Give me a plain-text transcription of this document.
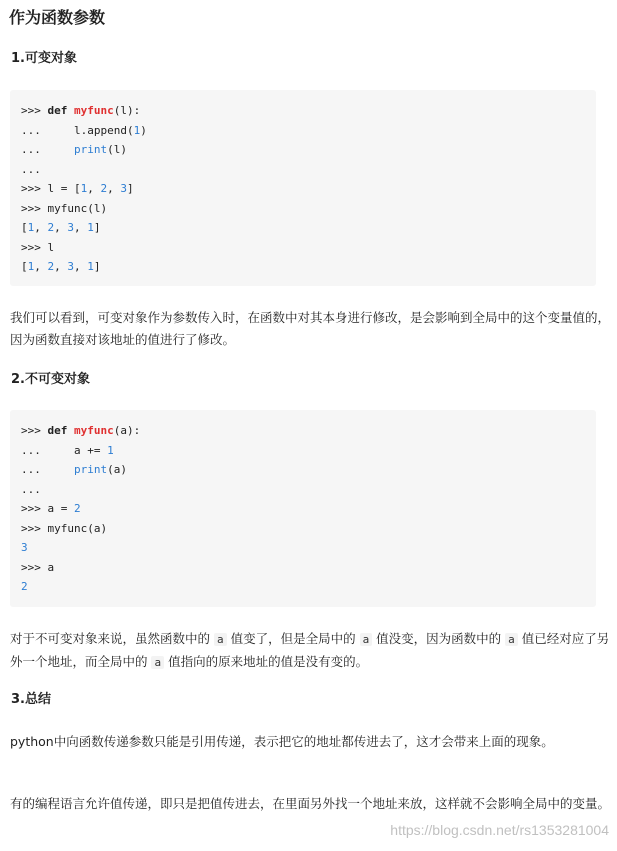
作为函数参数
1.可变对象
>>> def myfunc(l):
...     l.append(1)
...     print(l)
...
>>> l = [1, 2, 3]
>>> myfunc(l)
[1, 2, 3, 1]
>>> l
[1, 2, 3, 1]

我们可以看到，可变对象作为参数传入时，在函数中对其本身进行修改，是会影响到全局中的这个变量值的，因为函数直接对该地址的值进行了修改。

2.不可变对象
>>> def myfunc(a):
...     a += 1
...     print(a)
...
>>> a = 2
>>> myfunc(a)
3
>>> a
2

对于不可变对象来说，虽然函数中的 a 值变了，但是全局中的 a 值没变，因为函数中的 a 值已经对应了另外一个地址，而全局中的 a 值指向的原来地址的值是没有变的。

3.总结

python中向函数传递参数只能是引用传递，表示把它的地址都传进去了，这才会带来上面的现象。

有的编程语言允许值传递，即只是把值传进去，在里面另外找一个地址来放，这样就不会影响全局中的变量。

https://blog.csdn.net/rs1353281004
